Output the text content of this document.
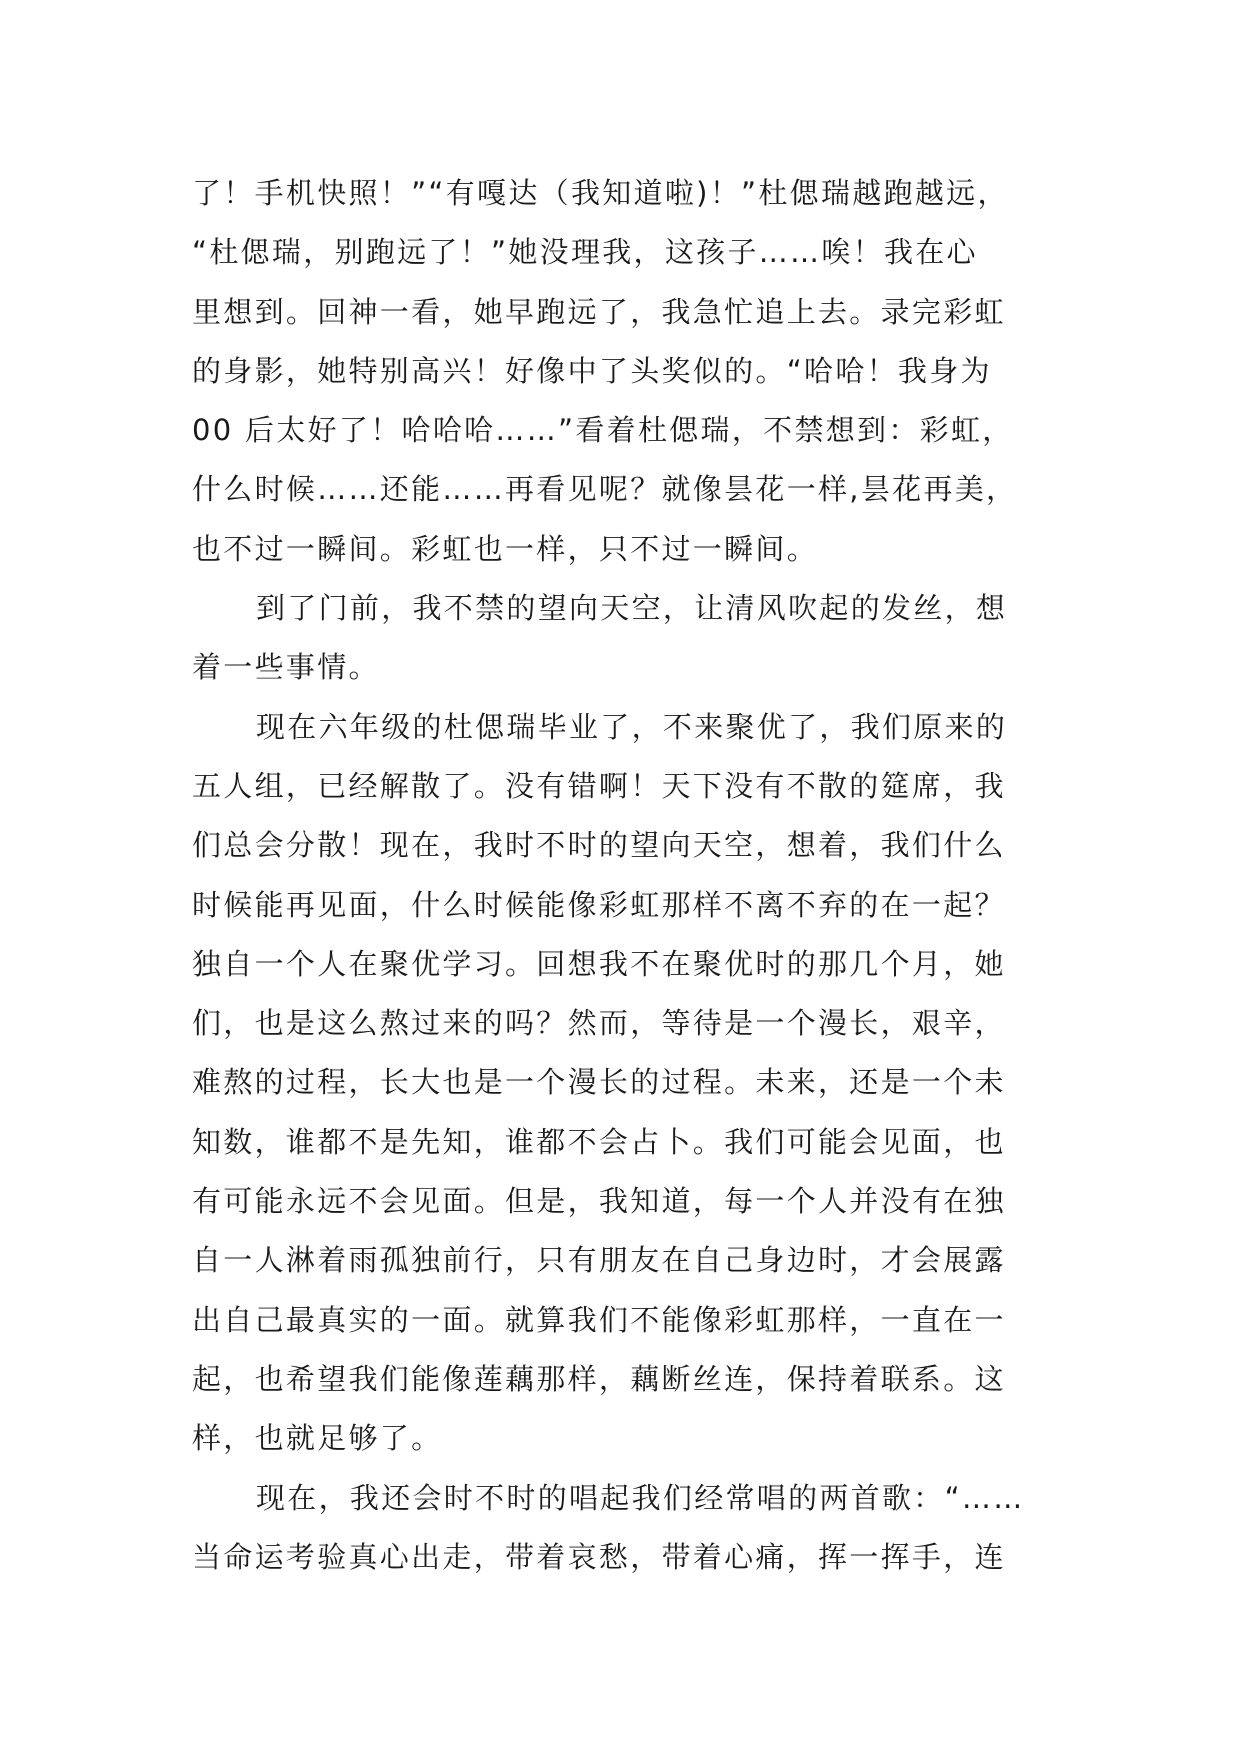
了！手机快照！”“有嘎达（我知道啦)！”杜偲瑞越跑越远，
“杜偲瑞，别跑远了！”她没理我，这孩子……唉！我在心
里想到。回神一看，她早跑远了，我急忙追上去。录完彩虹
的身影，她特别高兴！好像中了头奖似的。“哈哈！我身为
00 后太好了！哈哈哈……”看着杜偲瑞，不禁想到：彩虹，
什么时候……还能……再看见呢？就像昙花一样,昙花再美，
也不过一瞬间。彩虹也一样，只不过一瞬间。
到了门前，我不禁的望向天空，让清风吹起的发丝，想
着一些事情。
现在六年级的杜偲瑞毕业了，不来聚优了，我们原来的
五人组，已经解散了。没有错啊！天下没有不散的筵席，我
们总会分散！现在，我时不时的望向天空，想着，我们什么
时候能再见面，什么时候能像彩虹那样不离不弃的在一起？
独自一个人在聚优学习。回想我不在聚优时的那几个月，她
们，也是这么熬过来的吗？然而，等待是一个漫长，艰辛，
难熬的过程，长大也是一个漫长的过程。未来，还是一个未
知数，谁都不是先知，谁都不会占卜。我们可能会见面，也
有可能永远不会见面。但是，我知道，每一个人并没有在独
自一人淋着雨孤独前行，只有朋友在自己身边时，才会展露
出自己最真实的一面。就算我们不能像彩虹那样，一直在一
起，也希望我们能像莲藕那样，藕断丝连，保持着联系。这
样，也就足够了。
现在，我还会时不时的唱起我们经常唱的两首歌：“……
当命运考验真心出走，带着哀愁，带着心痛，挥一挥手，连
